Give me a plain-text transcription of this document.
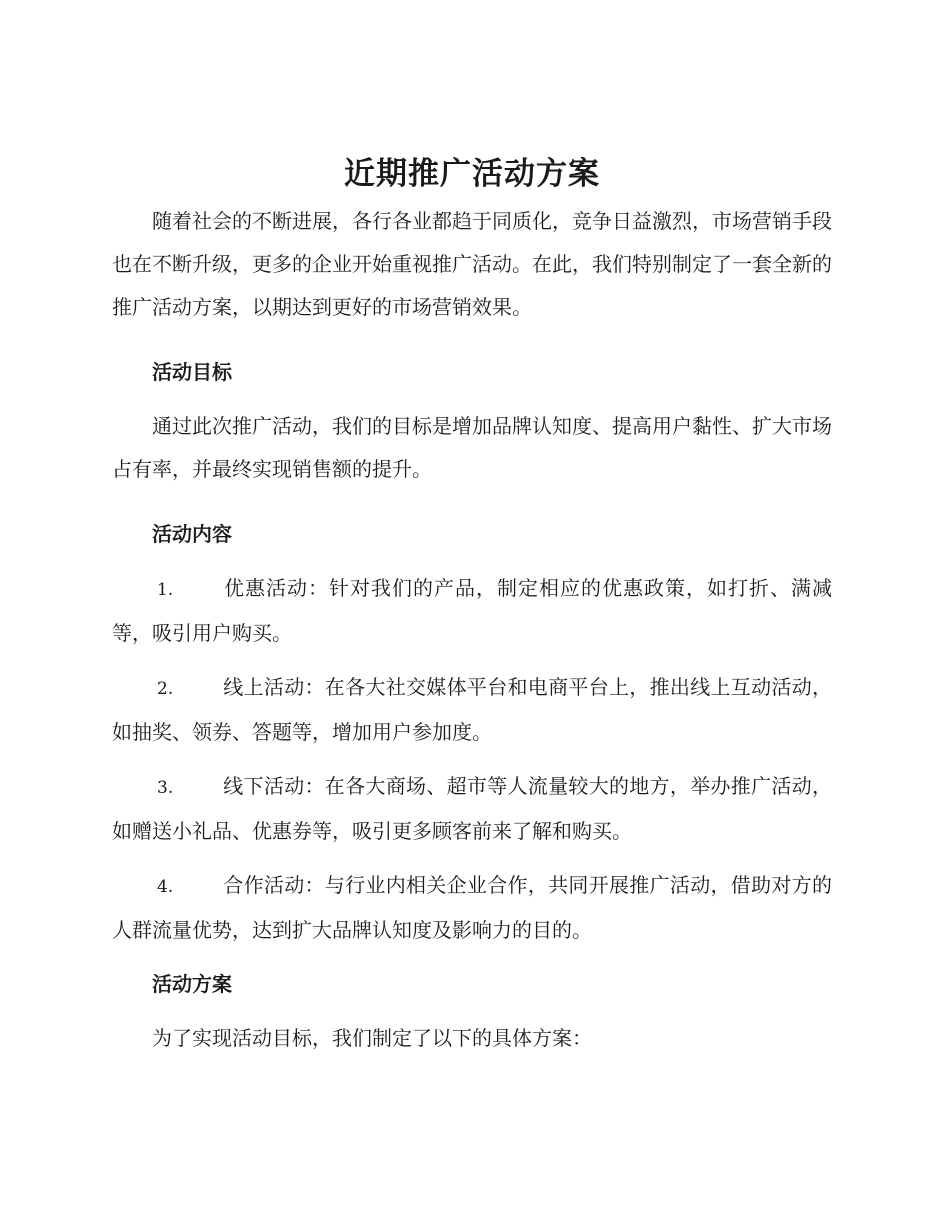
近期推广活动方案

随着社会的不断进展，各行各业都趋于同质化，竞争日益激烈，市场营销手段也在不断升级，更多的企业开始重视推广活动。在此，我们特别制定了一套全新的推广活动方案，以期达到更好的市场营销效果。

活动目标

通过此次推广活动，我们的目标是增加品牌认知度、提高用户黏性、扩大市场占有率，并最终实现销售额的提升。

活动内容

1. 优惠活动：针对我们的产品，制定相应的优惠政策，如打折、满减等，吸引用户购买。

2. 线上活动：在各大社交媒体平台和电商平台上，推出线上互动活动，如抽奖、领券、答题等，增加用户参加度。

3. 线下活动：在各大商场、超市等人流量较大的地方，举办推广活动，如赠送小礼品、优惠券等，吸引更多顾客前来了解和购买。

4. 合作活动：与行业内相关企业合作，共同开展推广活动，借助对方的人群流量优势，达到扩大品牌认知度及影响力的目的。

活动方案

为了实现活动目标，我们制定了以下的具体方案：
